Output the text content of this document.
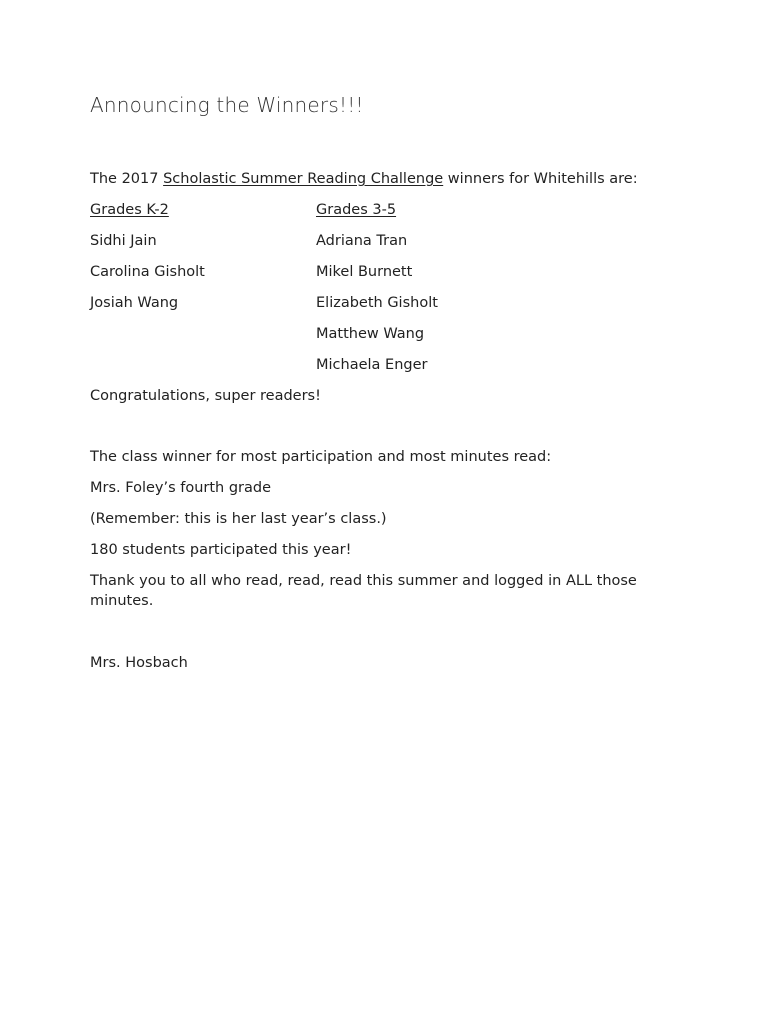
Announcing the Winners!!!
The 2017 Scholastic Summer Reading Challenge winners for Whitehills are:
Grades K-2	Grades 3-5
Sidhi Jain
Carolina Gisholt
Josiah Wang
Adriana Tran
Mikel Burnett
Elizabeth Gisholt
Matthew Wang
Michaela Enger
Congratulations, super readers!
The class winner for most participation and most minutes read:
Mrs. Foley’s fourth grade
(Remember: this is her last year’s class.)
180 students participated this year!
Thank you to all who read, read, read this summer and logged in ALL those minutes.
Mrs. Hosbach
